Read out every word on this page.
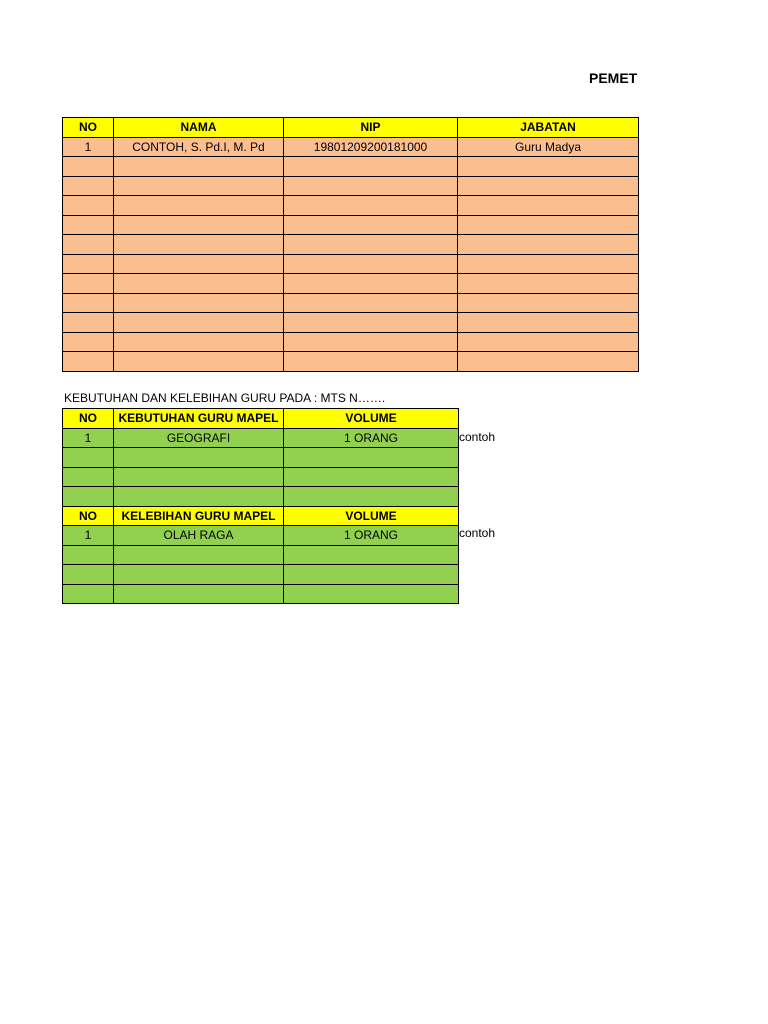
PEMET
NO	NAMA	NIP	JABATAN
1	CONTOH, S. Pd.I, M. Pd	1980120920018100​0	Guru Madya

KEBUTUHAN DAN KELEBIHAN GURU PADA : MTS N…….
NO	KEBUTUHAN GURU MAPEL	VOLUME
1	GEOGRAFI	1 ORANG

NO	KELEBIHAN GURU MAPEL	VOLUME
1	OLAH RAGA	1 ORANG

contoh
contoh
